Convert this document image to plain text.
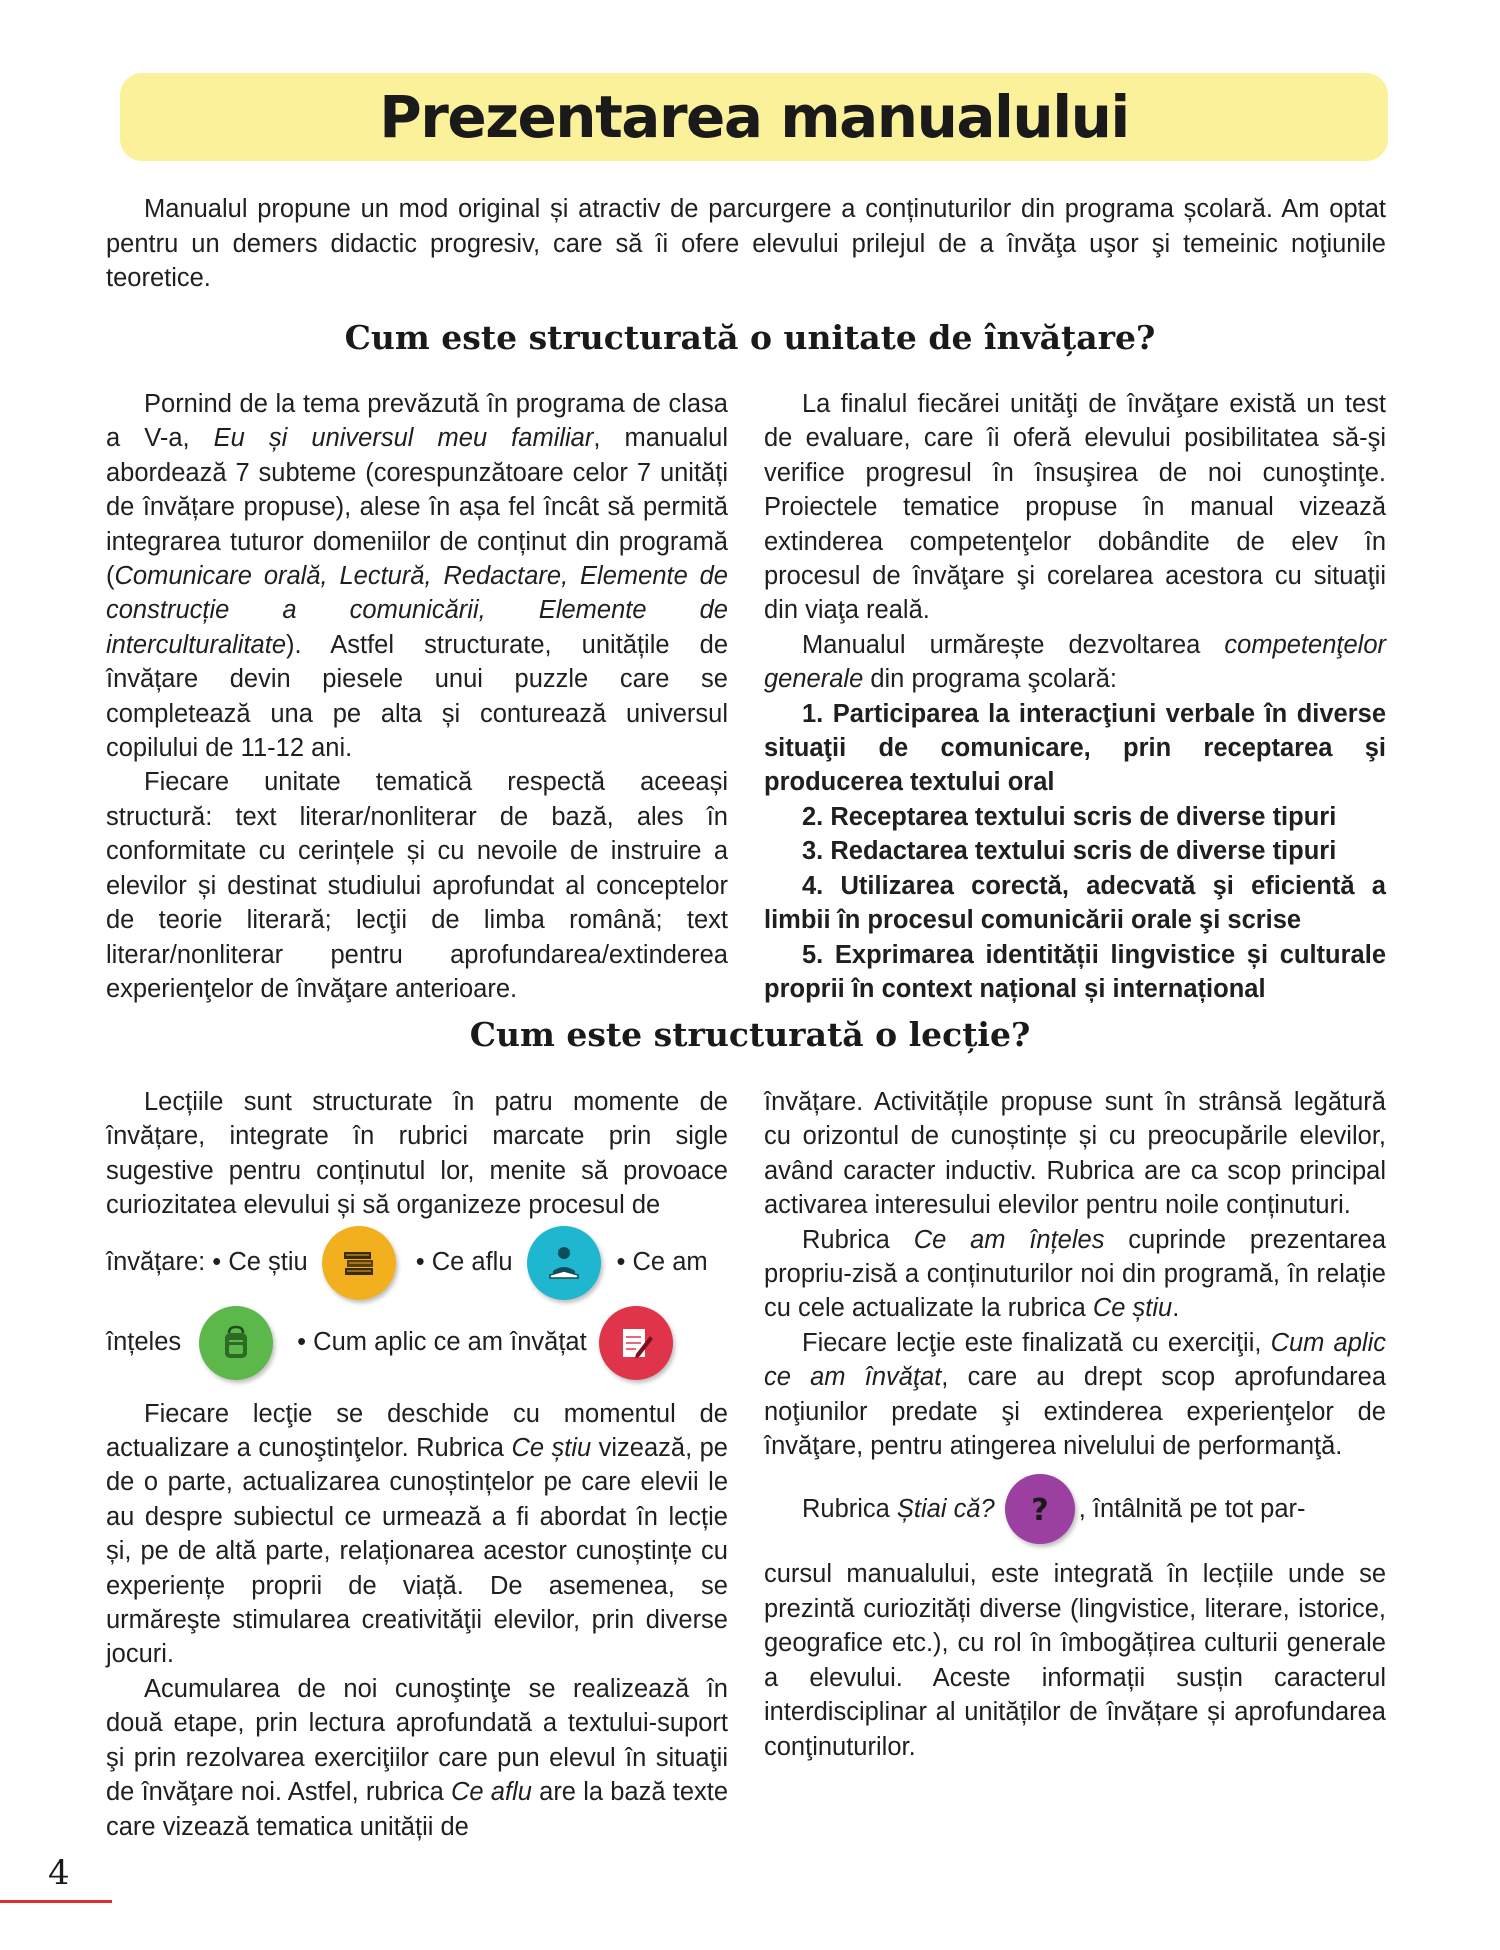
Prezentarea manualului

Manualul propune un mod original și atractiv de parcurgere a conținuturilor din programa școlară. Am optat pentru un demers didactic progresiv, care să îi ofere elevului prilejul de a învăţa uşor şi temeinic noţiunile teoretice.

Cum este structurată o unitate de învățare?

Pornind de la tema prevăzută în programa de clasa a V-a, Eu și universul meu familiar, manualul abordează 7 subteme (corespunzătoare celor 7 unități de învățare propuse), alese în așa fel încât să permită integrarea tuturor domeniilor de conținut din programă (Comunicare orală, Lectură, Redactare, Elemente de construcție a comunicării, Elemente de interculturalitate). Astfel structurate, unitățile de învățare devin piesele unui puzzle care se completează una pe alta și conturează universul copilului de 11-12 ani.

Fiecare unitate tematică respectă aceeași structură: text literar/nonliterar de bază, ales în conformitate cu cerințele și cu nevoile de instruire a elevilor și destinat studiului aprofundat al conceptelor de teorie literară; lecţii de limba română; text literar/nonliterar pentru aprofundarea/extinderea experienţelor de învăţare anterioare.

La finalul fiecărei unităţi de învăţare există un test de evaluare, care îi oferă elevului posibilitatea să-şi verifice progresul în însuşirea de noi cunoştinţe. Proiectele tematice propuse în manual vizează extinderea competenţelor dobândite de elev în procesul de învăţare şi corelarea acestora cu situaţii din viaţa reală.

Manualul urmărește dezvoltarea competenţelor generale din programa şcolară:

1. Participarea la interacţiuni verbale în diverse situaţii de comunicare, prin receptarea şi producerea textului oral

2. Receptarea textului scris de diverse tipuri

3. Redactarea textului scris de diverse tipuri

4. Utilizarea corectă, adecvată şi eficientă a limbii în procesul comunicării orale şi scrise

5. Exprimarea identității lingvistice și culturale proprii în context național și internațional

Cum este structurată o lecție?

Lecțiile sunt structurate în patru momente de învățare, integrate în rubrici marcate prin sigle sugestive pentru conținutul lor, menite să provoace curiozitatea elevului și să organizeze procesul de

învățare: • Ce știu	• Ce aflu	• Ce am
înțeles	• Cum aplic ce am învățat

Fiecare lecţie se deschide cu momentul de actualizare a cunoştinţelor. Rubrica Ce știu vizează, pe de o parte, actualizarea cunoștințelor pe care elevii le au despre subiectul ce urmează a fi abordat în lecție și, pe de altă parte, relaționarea acestor cunoștințe cu experiențe proprii de viață. De asemenea, se urmăreşte stimularea creativităţii elevilor, prin diverse jocuri.

Acumularea de noi cunoştinţe se realizează în două etape, prin lectura aprofundată a textului-suport şi prin rezolvarea exerciţiilor care pun elevul în situaţii de învăţare noi. Astfel, rubrica Ce aflu are la bază texte care vizează tematica unității de

învățare. Activitățile propuse sunt în strânsă legătură cu orizontul de cunoștințe și cu preocupările elevilor, având caracter inductiv. Rubrica are ca scop principal activarea interesului elevilor pentru noile conținuturi.

Rubrica Ce am înțeles cuprinde prezentarea propriu-zisă a conținuturilor noi din programă, în relație cu cele actualizate la rubrica Ce știu.

Fiecare lecţie este finalizată cu exerciţii, Cum aplic ce am învăţat, care au drept scop aprofundarea noţiunilor predate şi extinderea experienţelor de învăţare, pentru atingerea nivelului de performanţă.

Rubrica Știai că? ? , întâlnită pe tot par-

cursul manualului, este integrată în lecțiile unde se prezintă curiozități diverse (lingvistice, literare, istorice, geografice etc.), cu rol în îmbogățirea culturii generale a elevului. Aceste informații susțin caracterul interdisciplinar al unităților de învățare și aprofundarea conţinuturilor.

4
